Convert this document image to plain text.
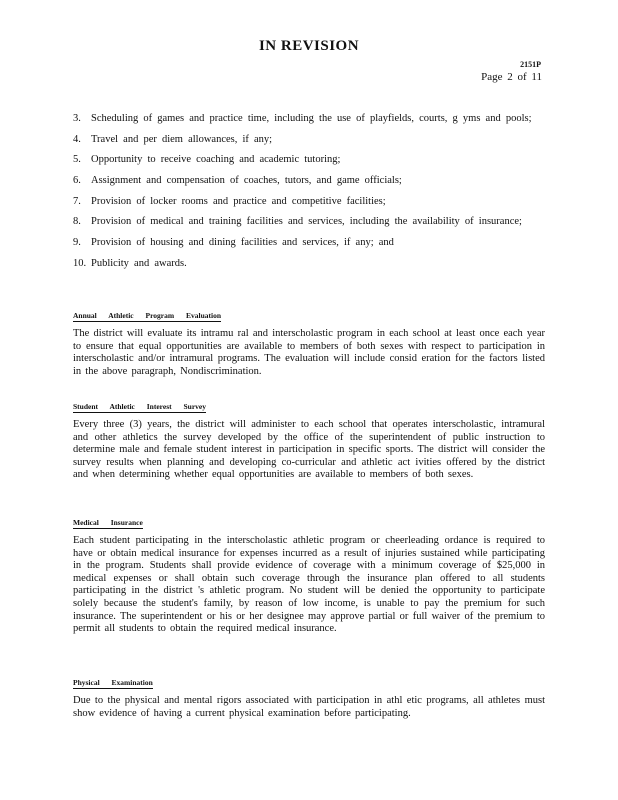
IN REVISION
2151P
Page 2 of 11
3. Scheduling of games and practice time, including the use of playfields, courts, g yms and pools;
4. Travel and per diem allowances, if any;
5. Opportunity to receive coaching and academic tutoring;
6. Assignment and compensation of coaches, tutors, and game officials;
7. Provision of locker rooms and practice and competitive facilities;
8. Provision of medical and training facilities and services, including the availability of insurance;
9. Provision of housing and dining facilities and services, if any; and
10. Publicity and awards.
Annual Athletic Program Evaluation

The district will evaluate its intramu ral and interscholastic program in each school at least once each year to ensure that equal opportunities are available to members of both sexes with respect to participation in interscholastic and/or intramural programs. The evaluation will include consid eration for the factors listed in the above paragraph, Nondiscrimination.

Student Athletic Interest Survey

Every three (3) years, the district will administer to each school that operates interscholastic, intramural and other athletics the survey developed by the office of the superintendent of public instruction to determine male and female student interest in participation in specific sports. The district will consider the survey results when planning and developing co-curricular and athletic act ivities offered by the district and when determining whether equal opportunities are available to members of both sexes.

Medical Insurance

Each student participating in the interscholastic athletic program or cheerleading ordance is required to have or obtain medical insurance for expenses incurred as a result of injuries sustained while participating in the program. Students shall provide evidence of coverage with a minimum coverage of $25,000 in medical expenses or shall obtain such coverage through the insurance plan offered to all students participating in the district 's athletic program. No student will be denied the opportunity to participate solely because the student's family, by reason of low income, is unable to pay the premium for such insurance. The superintendent or his or her designee may approve partial or full waiver of the premium to permit all students to obtain the required medical insurance.

Physical Examination

Due to the physical and mental rigors associated with participation in athl etic programs, all athletes must show evidence of having a current physical examination before participating.
